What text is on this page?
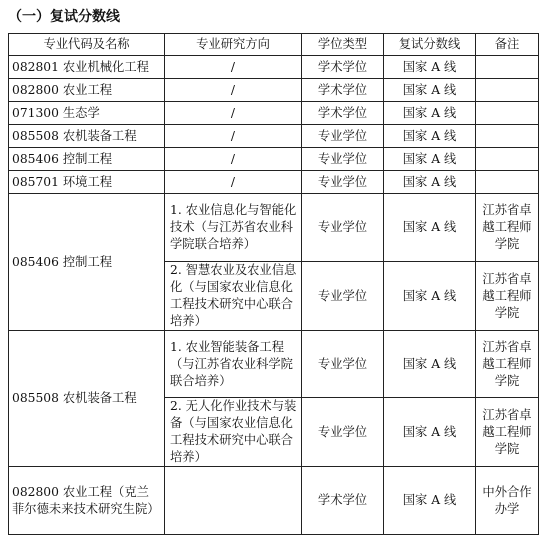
（一）复试分数线
专业代码及名称	专业研究方向	学位类型	复试分数线	备注
082801 农业机械化工程	/	学术学位	国家 A 线	
082800 农业工程	/	学术学位	国家 A 线	
071300 生态学	/	学术学位	国家 A 线	
085508 农机装备工程	/	专业学位	国家 A 线	
085406 控制工程	/	专业学位	国家 A 线	
085701 环境工程	/	专业学位	国家 A 线	
085406 控制工程	1. 农业信息化与智能化技术（与江苏省农业科学院联合培养）	专业学位	国家 A 线	江苏省卓越工程师学院

	2. 智慧农业及农业信息化（与国家农业信息化工程技术研究中心联合培养）	专业学位	国家 A 线	江苏省卓越工程师学院
085508 农机装备工程	1. 农业智能装备工程（与江苏省农业科学院联合培养）	专业学位	国家 A 线	江苏省卓越工程师学院

	2. 无人化作业技术与装备（与国家农业信息化工程技术研究中心联合培养）	专业学位	国家 A 线	江苏省卓越工程师学院
082800 农业工程（克兰菲尔德未来技术研究生院）		学术学位	国家 A 线	中外合作办学
